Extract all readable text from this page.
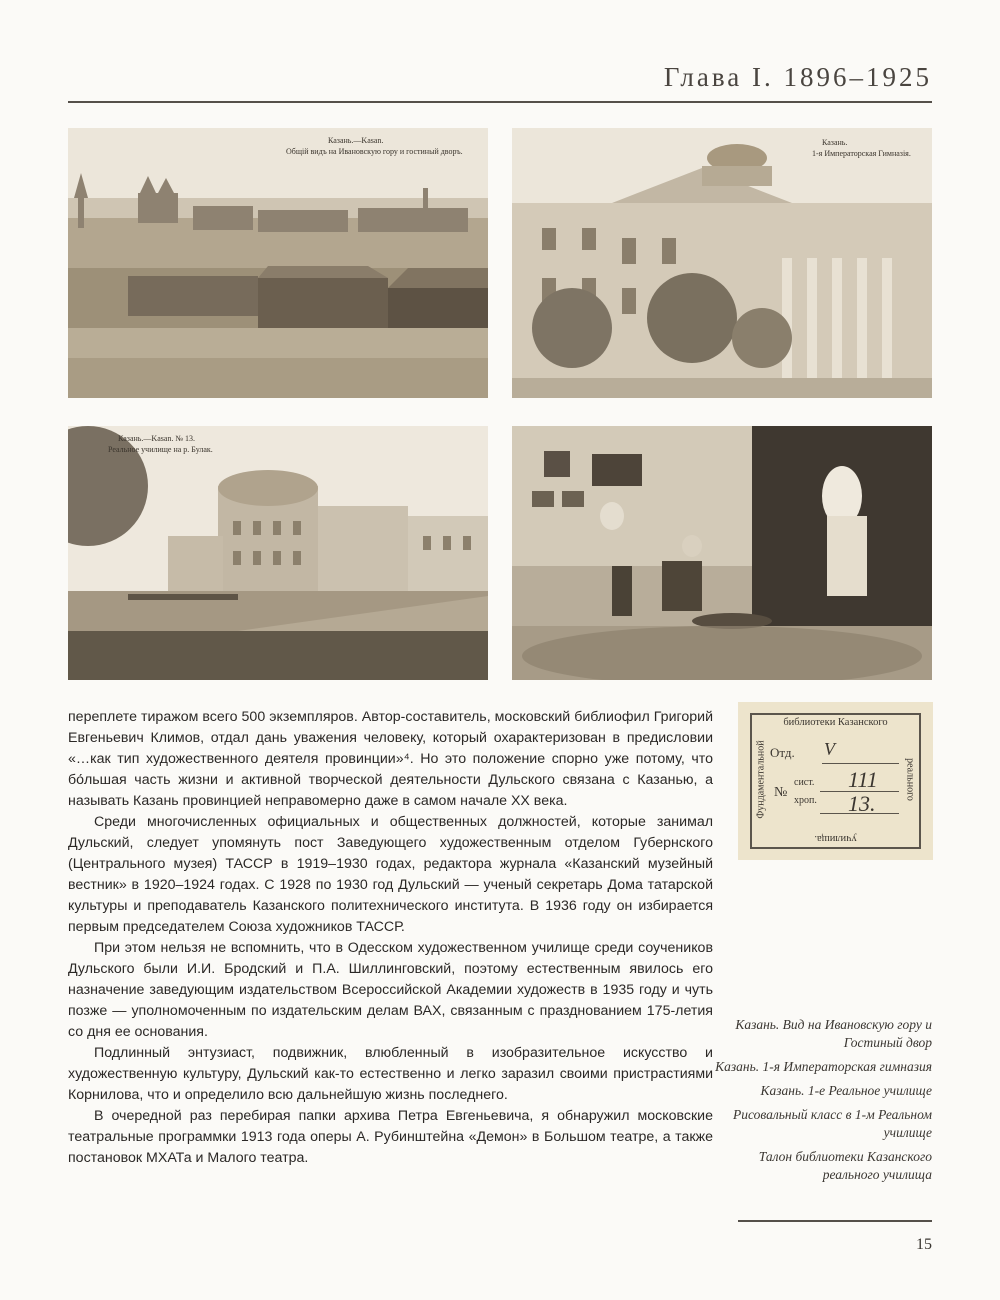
Глава I. 1896–1925
Казань.—Kasan.
Общій видъ на Ивановскую гору и гостиный дворъ.
Казань.
1-я Императорская Гимназія.
Казань.—Kasan. № 13.
Реальное училище на р. Булак.

переплете тиражом всего 500 экземпляров. Автор-составитель, московский библиофил Григорий Евгеньевич Климов, отдал дань уважения человеку, который охарактеризован в предисловии «…как тип художественного деятеля провинции»⁴. Но это положение спорно уже потому, что бо́льшая часть жизни и активной творческой деятельности Дульского связана с Казанью, а называть Казань провинцией неправомерно даже в самом начале XX века.

Среди многочисленных официальных и общественных должностей, которые занимал Дульский, следует упомянуть пост Заведующего художественным отделом Губернского (Центрального музея) ТАССР в 1919–1930 годах, редактора журнала «Казанский музейный вестник» в 1920–1924 годах. С 1928 по 1930 год Дульский — ученый секретарь Дома татарской культуры и преподаватель Казанского политехнического института. В 1936 году он избирается первым председателем Союза художников ТАССР.

При этом нельзя не вспомнить, что в Одесском художественном училище среди соучеников Дульского были И.И. Бродский и П.А. Шиллинговский, поэтому естественным явилось его назначение заведующим издательством Всероссийской Академии художеств в 1935 году и чуть позже — уполномоченным по издательским делам ВАХ, связанным с празднованием 175-летия со дня ее основания.

Подлинный энтузиаст, подвижник, влюбленный в изобразительное искусство и художественную культуру, Дульский как-то естественно и легко заразил своими пристрастиями Корнилова, что и определило всю дальнейшую жизнь последнего.

В очередной раз перебирая папки архива Петра Евгеньевича, я обнаружил московские театральные программки 1913 года оперы А. Рубинштейна «Демон» в Большом театре, а также постановок МХАТа и Малого театра.

библиотеки Казанского
Фундаментальной	реального
училища.
Отд. V
№
сист.
хроп.
111
13.
Казань. Вид на Ивановскую гору и Гостиный двор
Казань. 1-я Императорская гимназия
Казань. 1-е Реальное училище
Рисовальный класс в 1-м Реальном училище
Талон библиотеки Казанского реального училища
15
